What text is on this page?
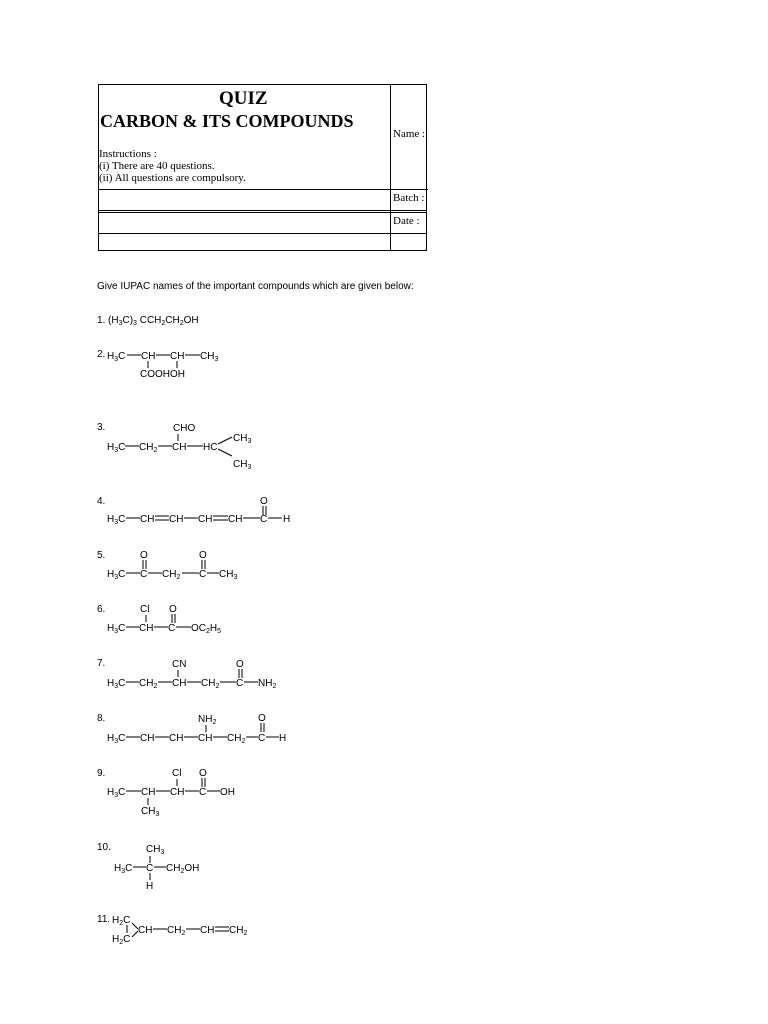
QUIZ
CARBON & ITS COMPOUNDS
Instructions :
(i) There are 40 questions.
(ii) All questions are compulsory.
Name :
Batch :
Date :
Give IUPAC names of the important compounds which are given below:
1. $(H_3C)_3$ $CCH_2CH_2OH$
2. $H_3C$ CH CH $CH_3$
COOHOH
3.	CHO
$H_3C$ $CH_2$ CH HC
$CH_3$
$CH_3$
4.	O
$H_3C$ CH CH CH CH C H
5.	O	O
$H_3C$ C $CH_2$ C $CH_3$
6.	Cl O
$H_3C$ CH C $OC_2H_5$
7.	CN	O
$H_3C$ $CH_2$ CH $CH_2$ C $NH_2$
8.	$NH_2$	O
$H_3C$ CH CH CH $CH_2$ C H
9.	Cl O
$H_3C$ CH CH C OH
$CH_3$
10.	$CH_3$
$H_3C$ C $CH_2OH$
H
11. $H_2C$
$H_2C$
CH $CH_2$ CH $CH_2$
